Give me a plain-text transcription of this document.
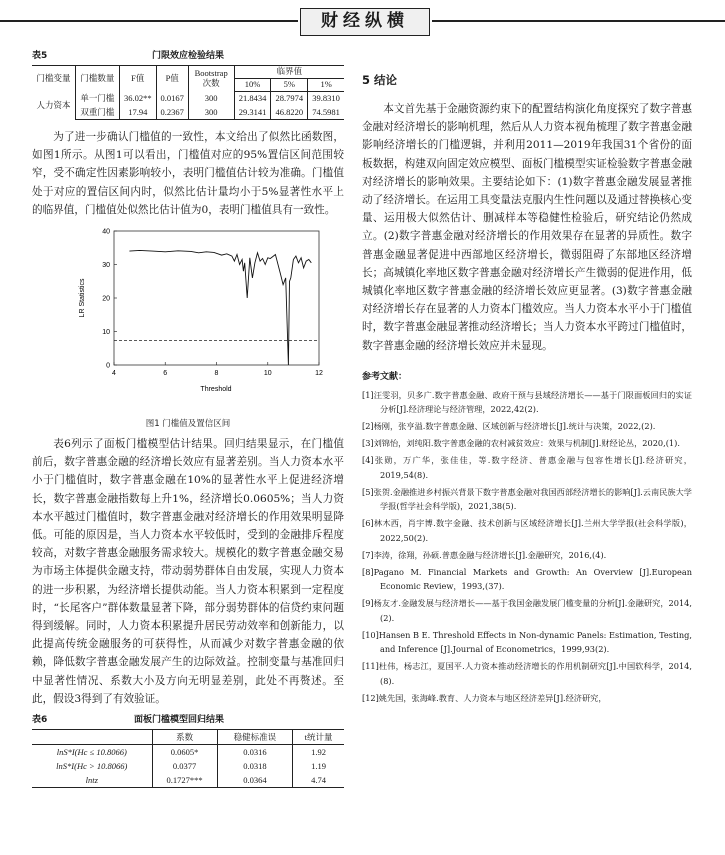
财经纵横
表5	门限效应检验结果
门槛变量	门槛数量	F值	P值	Bootstrap次数	临界值		
					10%	5%	1%
人力资本	单一门槛	36.02**	0.0167	300	21.8434	28.7974	39.8310
	双重门槛	17.94	0.2367	300	29.3141	46.8220	74.5981

为了进一步确认门槛值的一致性，本文给出了似然比函数图，如图1所示。从图1可以看出，门槛值对应的95%置信区间范围较窄，受不确定性因素影响较小，表明门槛值估计较为准确。门槛值处于对应的置信区间内时，似然比估计量均小于5%显著性水平上的临界值，门槛值处似然比估计值为0，表明门槛值具有一致性。

0
10
20
30
40
4	6	8	10	12
LR Statistics
Threshold
图1 门槛值及置信区间

表6列示了面板门槛模型估计结果。回归结果显示，在门槛值前后，数字普惠金融的经济增长效应有显著差别。当人力资本水平小于门槛值时，数字普惠金融在10%的显著性水平上促进经济增长，数字普惠金融指数每上升1%，经济增长0.0605%；当人力资本水平越过门槛值时，数字普惠金融对经济增长的作用效果明显降低。可能的原因是，当人力资本水平较低时，受到的金融排斥程度较高，对数字普惠金融服务需求较大。规模化的数字普惠金融交易为市场主体提供金融支持，带动弱势群体自由发展，实现人力资本的进一步积累，为经济增长提供动能。当人力资本积累到一定程度时，“长尾客户”群体数量显著下降，部分弱势群体的信贷约束问题得到缓解。同时，人力资本积累提升居民劳动效率和创新能力，以此提高传统金融服务的可获得性，从而减少对数字普惠金融的依赖，降低数字普惠金融发展产生的边际效益。控制变量与基准回归中显著性情况、系数大小及方向无明显差别，此处不再赘述。至此，假设3得到了有效验证。

表6	面板门槛模型回归结果
	系数	稳健标准误	t统计量
lnS*I(Hc ≤ 10.8066)	0.0605*	0.0316	1.92
lnS*I(Hc > 10.8066)	0.0377	0.0318	1.19
lntz	0.1727***	0.0364	4.74
5 结论

本文首先基于金融资源约束下的配置结构演化角度探究了数字普惠金融对经济增长的影响机理，然后从人力资本视角梳理了数字普惠金融影响经济增长的门槛逻辑，并利用2011—2019年我国31个省份的面板数据，构建双向固定效应模型、面板门槛模型实证检验数字普惠金融对经济增长的影响效果。主要结论如下：(1)数字普惠金融发展显著推动了经济增长。在运用工具变量法克服内生性问题以及通过替换核心变量、运用极大似然估计、删减样本等稳健性检验后，研究结论仍然成立。(2)数字普惠金融对经济增长的作用效果存在显著的异质性。数字普惠金融显著促进中西部地区经济增长，微弱阻碍了东部地区经济增长；高城镇化率地区数字普惠金融对经济增长产生微弱的促进作用，低城镇化率地区数字普惠金融的经济增长效应更显著。(3)数字普惠金融对经济增长存在显著的人力资本门槛效应。当人力资本水平小于门槛值时，数字普惠金融显著推动经济增长；当人力资本水平跨过门槛值时，数字普惠金融的经济增长效应并未显现。

参考文献：
[1]汪雯羽，贝多广.数字普惠金融、政府干预与县域经济增长——基于门限面板回归的实证分析[J].经济理论与经济管理，2022,42(2).
[2]杨刚，张亨溢.数字普惠金融、区域创新与经济增长[J].统计与决策，2022,(2).
[3]刘锦怡，刘纯阳.数字普惠金融的农村减贫效应：效果与机制[J].财经论丛，2020,(1).
[4]张勋，万广华，张佳佳，等.数字经济、普惠金融与包容性增长[J].经济研究，2019,54(8).
[5]张贺.金融推进乡村振兴背景下数字普惠金融对我国西部经济增长的影响[J].云南民族大学学报(哲学社会科学版)，2021,38(5).
[6]林木西，肖宇博.数字金融、技术创新与区域经济增长[J].兰州大学学报(社会科学版)，2022,50(2).
[7]李涛，徐翔，孙硕.普惠金融与经济增长[J].金融研究，2016,(4).
[8]Pagano M. Financial Markets and Growth: An Overview [J].European Economic Review，1993,(37).
[9]杨友才.金融发展与经济增长——基于我国金融发展门槛变量的分析[J].金融研究，2014,(2).
[10]Hansen B E. Threshold Effects in Non-dynamic Panels: Estimation, Testing, and Inference [J].Journal of Econometrics，1999,93(2).
[11]杜伟，杨志江，夏国平.人力资本推动经济增长的作用机制研究[J].中国软科学，2014,(8).
[12]姚先国，张海峰.教育、人力资本与地区经济差异[J].经济研究，
